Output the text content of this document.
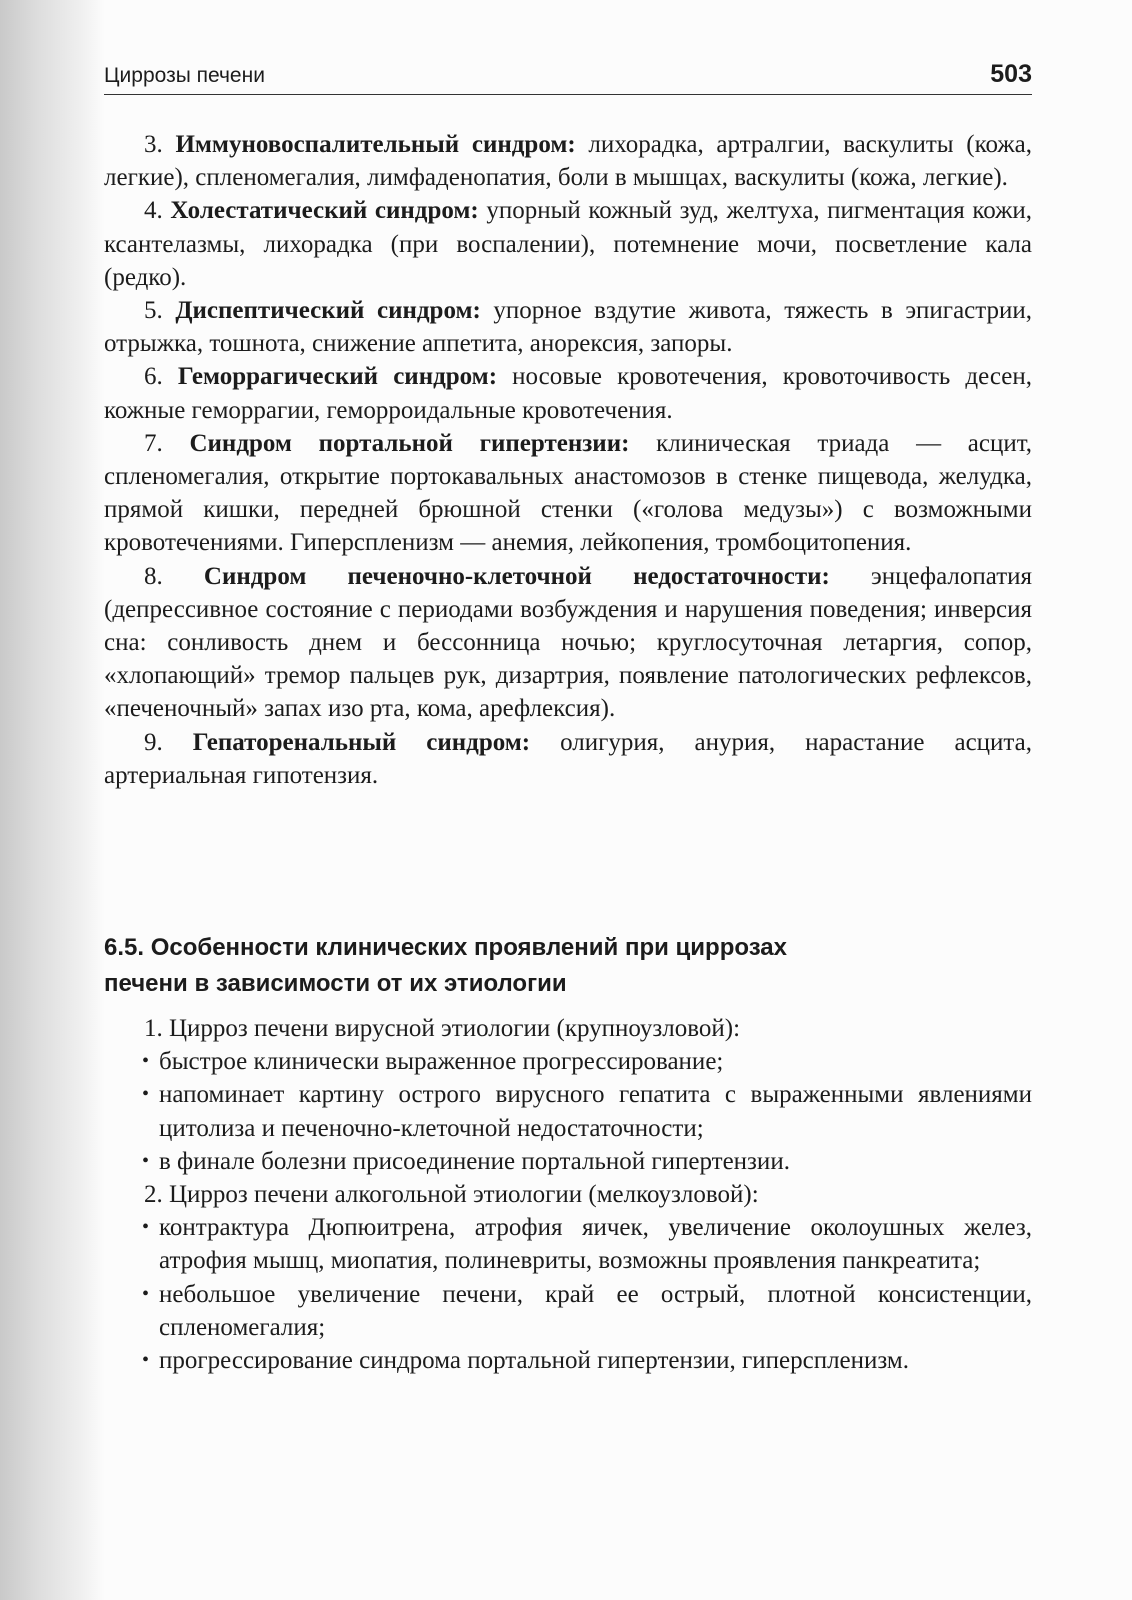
Циррозы печени	503

3. Иммуновоспалительный синдром: лихорадка, артралгии, васкулиты (кожа, легкие), спленомегалия, лимфаденопатия, боли в мышцах, васкулиты (кожа, легкие).

4. Холестатический синдром: упорный кожный зуд, желтуха, пигментация кожи, ксантелазмы, лихорадка (при воспалении), потемнение мочи, посветление кала (редко).

5. Диспептический синдром: упорное вздутие живота, тяжесть в эпигастрии, отрыжка, тошнота, снижение аппетита, анорексия, запоры.

6. Геморрагический синдром: носовые кровотечения, кровоточивость десен, кожные геморрагии, геморроидальные кровотечения.

7. Синдром портальной гипертензии: клиническая триада — асцит, спленомегалия, открытие портокавальных анастомозов в стенке пищевода, желудка, прямой кишки, передней брюшной стенки («голова медузы») с возможными кровотечениями. Гиперспленизм — анемия, лейкопения, тромбоцитопения.

8. Синдром печеночно-клеточной недостаточности: энцефалопатия (депрессивное состояние с периодами возбуждения и нарушения поведения; инверсия сна: сонливость днем и бессонница ночью; круглосуточная летаргия, сопор, «хлопающий» тремор пальцев рук, дизартрия, появление патологических рефлексов, «печеночный» запах изо рта, кома, арефлексия).

9. Гепаторенальный синдром: олигурия, анурия, нарастание асцита, артериальная гипотензия.

6.5. Особенности клинических проявлений при циррозах
печени в зависимости от их этиологии

1. Цирроз печени вирусной этиологии (крупноузловой):

• быстрое клинически выраженное прогрессирование;

• напоминает картину острого вирусного гепатита с выраженными явлениями цитолиза и печеночно-клеточной недостаточности;

• в финале болезни присоединение портальной гипертензии.

2. Цирроз печени алкогольной этиологии (мелкоузловой):

• контрактура Дюпюитрена, атрофия яичек, увеличение околоушных желез, атрофия мышц, миопатия, полиневриты, возможны проявления панкреатита;

• небольшое увеличение печени, край ее острый, плотной консистенции, спленомегалия;

• прогрессирование синдрома портальной гипертензии, гиперспленизм.
